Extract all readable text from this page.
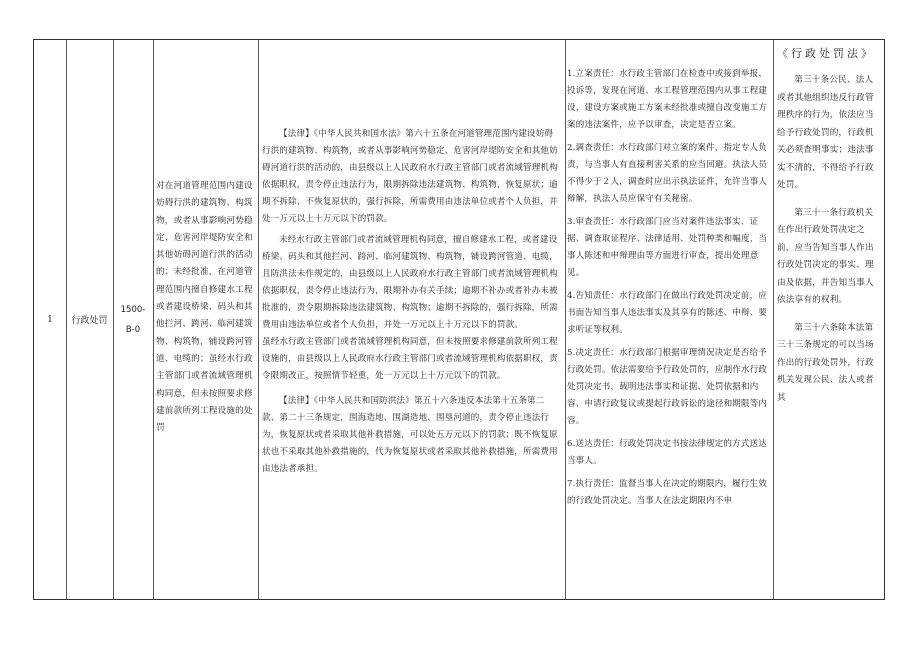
1 行政处罚
1500-B-0

对在河道管理范围内建设妨碍行洪的建筑物、构筑物，或者从事影响河势稳定、危害河岸堤防安全和其他妨碍河道行洪的活动的；未经批准，在河道管理范围内擅自修建水工程或者建设桥梁、码头和其他拦河、跨河、临河建筑物、构筑物，铺设跨河管道、电缆的；虽经水行政主管部门或者流域管理机构同意，但未按照要求修建前款所列工程设施的处罚

【法律】《中华人民共和国水法》第六十五条在河道管理范围内建设妨碍行洪的建筑物、构筑物，或者从事影响河势稳定、危害河岸堤防安全和其他妨碍河道行洪的活动的，由县级以上人民政府水行政主管部门或者流域管理机构依据职权，责令停止违法行为，限期拆除违法建筑物、构筑物，恢复原状；逾期不拆除、不恢复原状的，强行拆除，所需费用由违法单位或者个人负担，并处一万元以上十万元以下的罚款。

未经水行政主管部门或者流域管理机构同意，擅自修建水工程，或者建设桥梁、码头和其他拦河、跨河、临河建筑物、构筑物，铺设跨河管道、电缆，且防洪法未作规定的，由县级以上人民政府水行政主管部门或者流域管理机构依据职权，责令停止违法行为，限期补办有关手续；逾期不补办或者补办未被批准的，责令限期拆除违法建筑物、构筑物；逾期不拆除的，强行拆除，所需费用由违法单位或者个人负担，并处一万元以上十万元以下的罚款。

虽经水行政主管部门或者流域管理机构同意，但未按照要求修建前款所列工程设施的，由县级以上人民政府水行政主管部门或者流域管理机构依据职权，责令限期改正，按照情节轻重，处一万元以上十万元以下的罚款。

【法律】《中华人民共和国防洪法》第五十六条违反本法第十五条第二款、第二十三条规定，围海造地、围湖造地、围垦河道的，责令停止违法行为，恢复原状或者采取其他补救措施，可以处五万元以下的罚款；既不恢复原状也不采取其他补救措施的，代为恢复原状或者采取其他补救措施，所需费用由违法者承担。

1.立案责任：水行政主管部门在检查中或接到举报、投诉等，发现在河道、水工程管理范围内从事工程建设，建设方案或施工方案未经批准或擅自改变施工方案的违法案件，应予以审查，决定是否立案。

2.调查责任：水行政部门对立案的案件，指定专人负责，与当事人有直接利害关系的应当回避。执法人员不得少于２人，调查时应出示执法证件，允许当事人辩解，执法人员应保守有关秘密。

3.审查责任：水行政部门应当对案件违法事实、证据、调查取证程序、法律适用、处罚种类和幅度，当事人陈述和申辩理由等方面进行审查，提出处理意见。

4.告知责任：水行政部门在做出行政处罚决定前，应书面告知当事人违法事实及其享有的陈述、申辩、要求听证等权利。

5.决定责任：水行政部门根据审理情况决定是否给予行政处罚。依法需要给予行政处罚的，应制作水行政处罚决定书，载明违法事实和证据、处罚依据和内容、申请行政复议或提起行政诉讼的途径和期限等内容。

6.送达责任：行政处罚决定书按法律规定的方式送达当事人。

7.执行责任：监督当事人在决定的期限内，履行生效的行政处罚决定。当事人在法定期限内不申

《行政处罚法》

第三十条公民、法人或者其他组织违反行政管理秩序的行为，依法应当给予行政处罚的，行政机关必须查明事实；违法事实不清的，不得给予行政处罚。

第三十一条行政机关在作出行政处罚决定之前，应当告知当事人作出行政处罚决定的事实、理由及依据，并告知当事人依法享有的权利。

第三十六条除本法第三十三条规定的可以当场作出的行政处罚外，行政机关发现公民、法人或者其
